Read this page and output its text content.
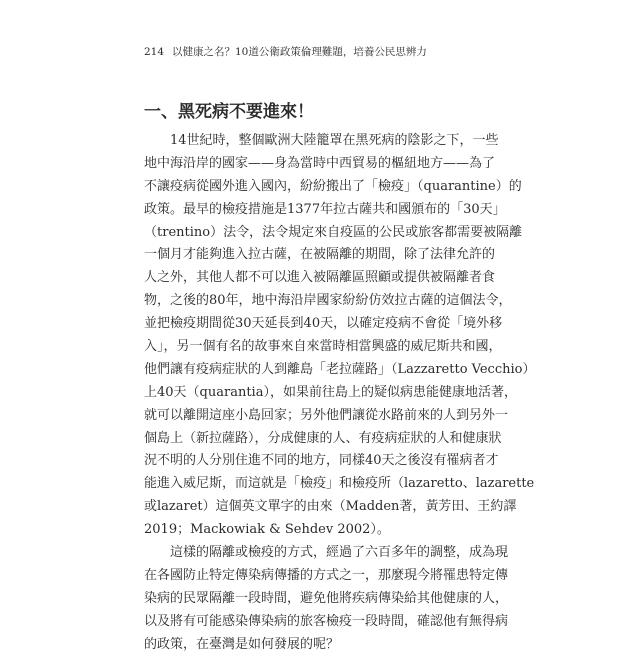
214 以健康之名？10道公衛政策倫理難題，培養公民思辨力
一、黑死病不要進來！
14世紀時，整個歐洲大陸籠罩在黑死病的陰影之下，一些
地中海沿岸的國家——身為當時中西貿易的樞紐地方——為了
不讓疫病從國外進入國內，紛紛搬出了「檢疫」（quarantine）的
政策。最早的檢疫措施是1377年拉古薩共和國頒布的「30天」
（trentino）法令，法令規定來自疫區的公民或旅客都需要被隔離
一個月才能夠進入拉古薩，在被隔離的期間，除了法律允許的
人之外，其他人都不可以進入被隔離區照顧或提供被隔離者食
物，之後的80年，地中海沿岸國家紛紛仿效拉古薩的這個法令，
並把檢疫期間從30天延長到40天，以確定疫病不會從「境外移
入」，另一個有名的故事來自來當時相當興盛的威尼斯共和國，
他們讓有疫病症狀的人到離島「老拉薩路」（Lazzaretto Vecchio）
上40天（quarantia），如果前往島上的疑似病患能健康地活著，
就可以離開這座小島回家；另外他們讓從水路前來的人到另外一
個島上（新拉薩路），分成健康的人、有疫病症狀的人和健康狀
況不明的人分別住進不同的地方，同樣40天之後沒有罹病者才
能進入威尼斯，而這就是「檢疫」和檢疫所（lazaretto、lazarette
或lazaret）這個英文單字的由來（Madden著，黃芳田、王約譯
2019；Mackowiak & Sehdev 2002）。
這樣的隔離或檢疫的方式，經過了六百多年的調整，成為現
在各國防止特定傳染病傳播的方式之一，那麼現今將罹患特定傳
染病的民眾隔離一段時間，避免他將疾病傳染給其他健康的人，
以及將有可能感染傳染病的旅客檢疫一段時間，確認他有無得病
的政策，在臺灣是如何發展的呢？
